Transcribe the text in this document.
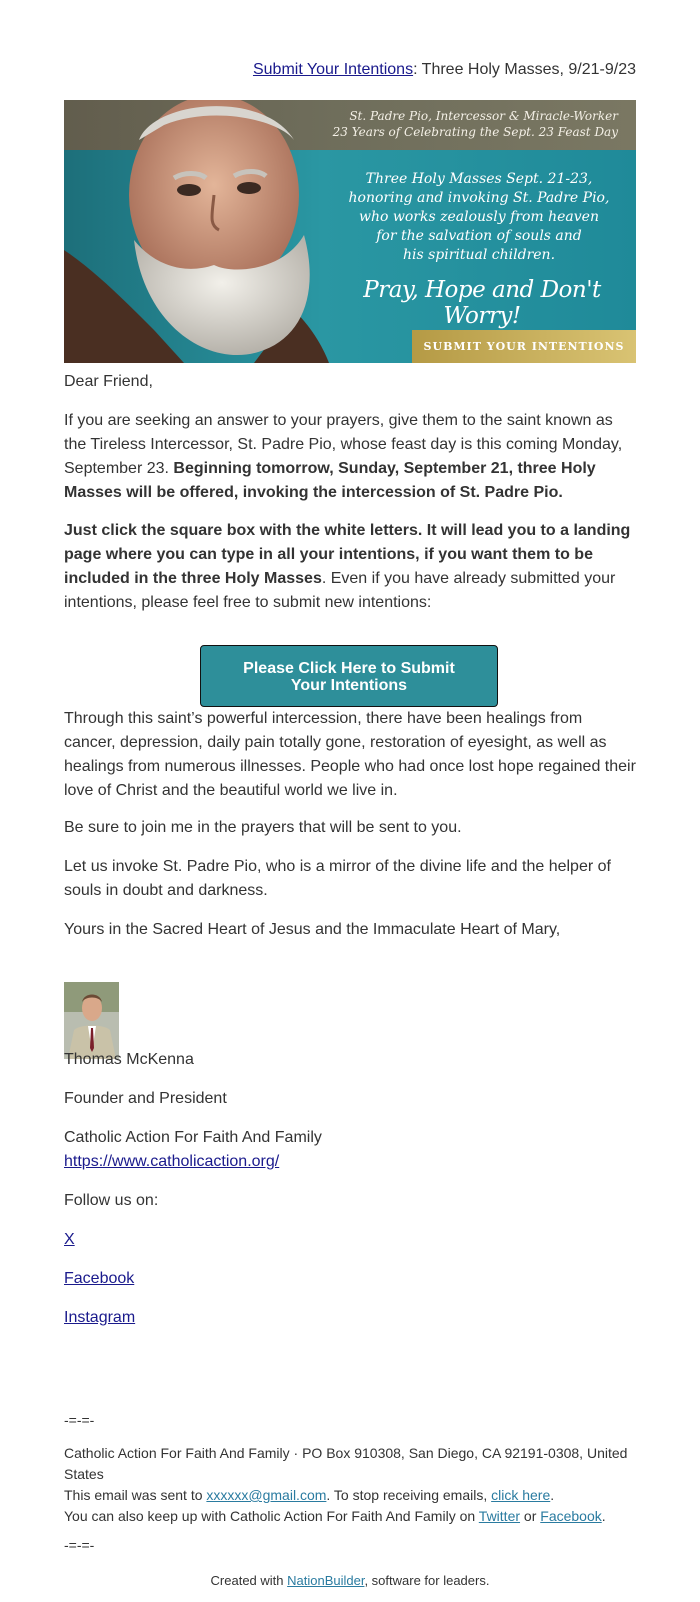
Submit Your Intentions: Three Holy Masses, 9/21-9/23
St. Padre Pio, Intercessor & Miracle-Worker
23 Years of Celebrating the Sept. 23 Feast Day
Three Holy Masses Sept. 21-23,
honoring and invoking St. Padre Pio,
who works zealously from heaven
for the salvation of souls and
his spiritual children.
Pray, Hope and Don't Worry!
SUBMIT YOUR INTENTIONS

Dear Friend,

If you are seeking an answer to your prayers, give them to the saint known as the Tireless Intercessor, St. Padre Pio, whose feast day is this coming Monday, September 23. Beginning tomorrow, Sunday, September 21, three Holy Masses will be offered, invoking the intercession of St. Padre Pio.

Just click the square box with the white letters. It will lead you to a landing page where you can type in all your intentions, if you want them to be included in the three Holy Masses. Even if you have already submitted your intentions, please feel free to submit new intentions:

Please Click Here to Submit
Your Intentions

Through this saint’s powerful intercession, there have been healings from cancer, depression, daily pain totally gone, restoration of eyesight, as well as healings from numerous illnesses. People who had once lost hope regained their love of Christ and the beautiful world we live in.

Be sure to join me in the prayers that will be sent to you.

Let us invoke St. Padre Pio, who is a mirror of the divine life and the helper of souls in doubt and darkness.

Yours in the Sacred Heart of Jesus and the Immaculate Heart of Mary,

Thomas McKenna

Founder and President

Catholic Action For Faith And Family

https://www.catholicaction.org/

Follow us on:

X

Facebook

Instagram

-=-=-
Catholic Action For Faith And Family · PO Box 910308, San Diego, CA 92191-0308, United States
This email was sent to xxxxxx@gmail.com. To stop receiving emails, click here.
You can also keep up with Catholic Action For Faith And Family on Twitter or Facebook.
-=-=-
Created with NationBuilder, software for leaders.
